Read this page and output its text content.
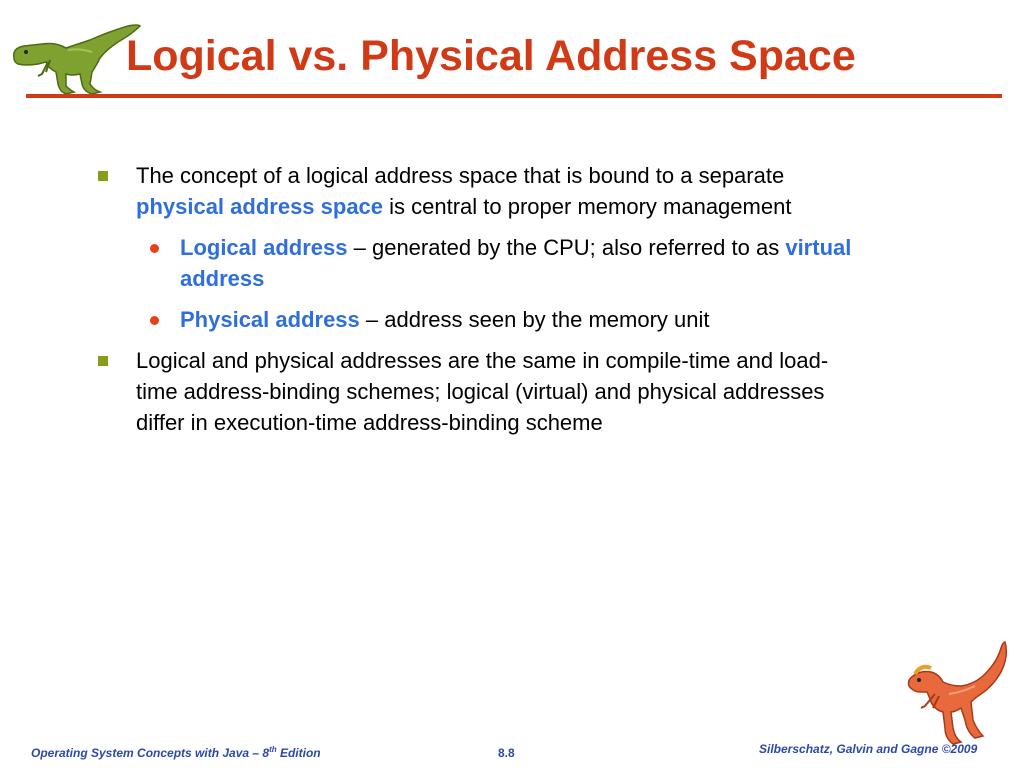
Logical vs. Physical Address Space
The concept of a logical address space that is bound to a separate physical address space is central to proper memory management
Logical address – generated by the CPU; also referred to as virtual address
Physical address – address seen by the memory unit
Logical and physical addresses are the same in compile-time and load-time address-binding schemes; logical (virtual) and physical addresses differ in execution-time address-binding scheme
Operating System Concepts with Java – 8th Edition	8.8	Silberschatz, Galvin and Gagne ©2009
